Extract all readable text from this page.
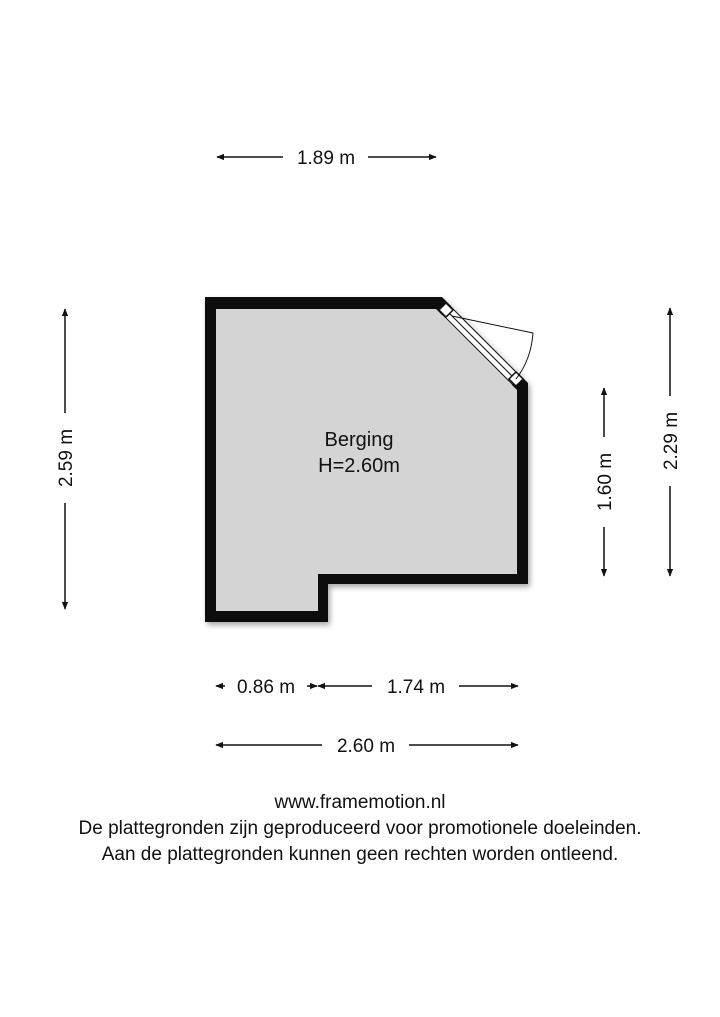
Berging
H=2.60m
1.89 m
2.59 m	1.60 m
2.29 m
0.86 m	1.74 m
2.60 m
www.framemotion.nl
De plattegronden zijn geproduceerd voor promotionele doeleinden.
Aan de plattegronden kunnen geen rechten worden ontleend.
